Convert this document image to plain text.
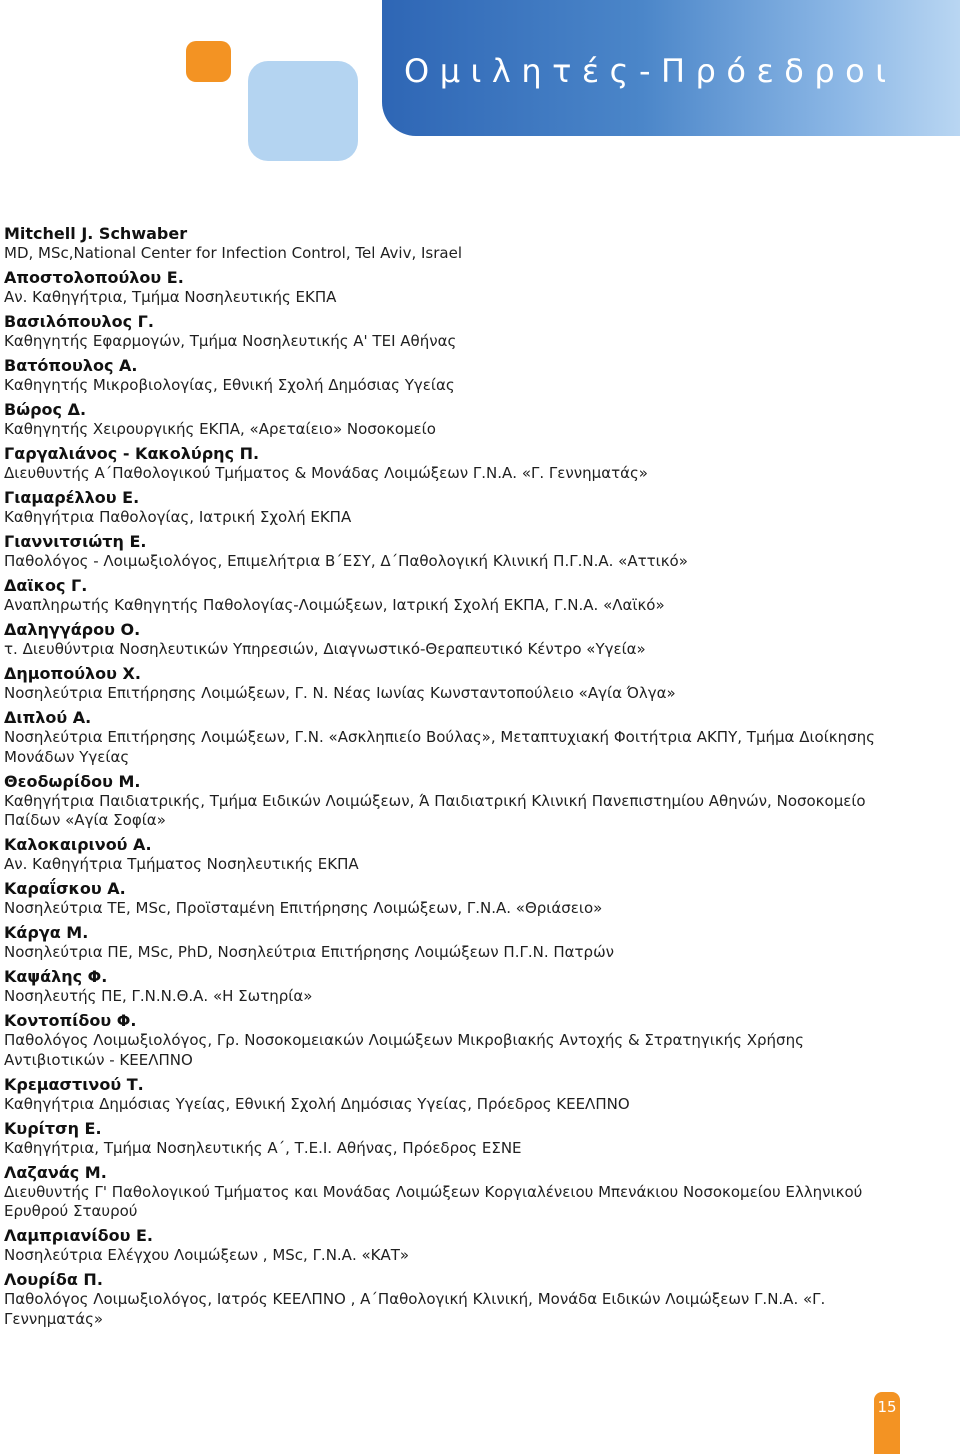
Ομιλητές-Πρόεδροι
Mitchell J. Schwaber
MD, MSc,National Center for Infection Control, Tel Aviv, Israel
Αποστολοπούλου Ε.
Αν. Καθηγήτρια, Τμήμα Νοσηλευτικής ΕΚΠΑ
Βασιλόπουλος Γ.
Καθηγητής Εφαρμογών, Τμήμα Νοσηλευτικής Α' ΤΕΙ Αθήνας
Βατόπουλος Α.
Καθηγητής Μικροβιολογίας, Εθνική Σχολή Δημόσιας Υγείας
Βώρος Δ.
Καθηγητής Χειρουργικής ΕΚΠΑ, «Αρεταίειο» Νοσοκομείο
Γαργαλιάνος - Κακολύρης Π.
Διευθυντής Α΄Παθολογικού Τμήματος & Μονάδας Λοιμώξεων Γ.Ν.Α. «Γ. Γεννηματάς»
Γιαμαρέλλου Ε.
Καθηγήτρια Παθολογίας, Ιατρική Σχολή ΕΚΠΑ
Γιαννιτσιώτη Ε.
Παθολόγος - Λοιμωξιολόγος, Επιμελήτρια Β΄ΕΣΥ, Δ΄Παθολογική Κλινική Π.Γ.Ν.Α. «Αττικό»
Δαϊκος Γ.
Αναπληρωτής Καθηγητής Παθολογίας-Λοιμώξεων, Ιατρική Σχολή ΕΚΠΑ, Γ.Ν.Α. «Λαϊκό»
Δαληγγάρου Ο.
τ. Διευθύντρια Νοσηλευτικών Υπηρεσιών, Διαγνωστικό-Θεραπευτικό Κέντρο «Υγεία»
Δημοπούλου Χ.
Νοσηλεύτρια Επιτήρησης Λοιμώξεων, Γ. Ν. Νέας Ιωνίας Κωνσταντοπούλειο «Αγία Όλγα»
Διπλού Α.
Νοσηλεύτρια Επιτήρησης Λοιμώξεων, Γ.Ν. «Ασκληπιείο Βούλας», Μεταπτυχιακή Φοιτήτρια ΑΚΠΥ, Τμήμα Διοίκησης Μονάδων Υγείας
Θεοδωρίδου Μ.
Καθηγήτρια Παιδιατρικής, Τμήμα Ειδικών Λοιμώξεων, Ά Παιδιατρική Κλινική Πανεπιστημίου Αθηνών, Νοσοκομείο Παίδων «Αγία Σοφία»
Καλοκαιρινού Α.
Αν. Καθηγήτρια Τμήματος Νοσηλευτικής ΕΚΠΑ
Καραΐσκου Α.
Νοσηλεύτρια ΤΕ, MSc, Προϊσταμένη Επιτήρησης Λοιμώξεων, Γ.Ν.Α. «Θριάσειο»
Κάργα Μ.
Νοσηλεύτρια ΠΕ, MSc, PhD, Νοσηλεύτρια Επιτήρησης Λοιμώξεων Π.Γ.Ν. Πατρών
Καψάλης Φ.
Νοσηλευτής ΠΕ, Γ.Ν.Ν.Θ.Α. «Η Σωτηρία»
Κοντοπίδου Φ.
Παθολόγος Λοιμωξιολόγος, Γρ. Νοσοκομειακών Λοιμώξεων Μικροβιακής Αντοχής & Στρατηγικής Χρήσης Αντιβιοτικών - ΚΕΕΛΠΝΟ
Κρεμαστινού Τ.
Καθηγήτρια Δημόσιας Υγείας, Εθνική Σχολή Δημόσιας Υγείας, Πρόεδρος ΚΕΕΛΠΝΟ
Κυρίτση Ε.
Καθηγήτρια, Τμήμα Νοσηλευτικής Α΄, Τ.Ε.Ι. Αθήνας, Πρόεδρος ΕΣΝΕ
Λαζανάς Μ.
Διευθυντής Γ' Παθολογικού Τμήματος και Μονάδας Λοιμώξεων Κοργιαλένειου Μπενάκιου Νοσοκομείου Ελληνικού Ερυθρού Σταυρού
Λαμπριανίδου Ε.
Νοσηλεύτρια Ελέγχου Λοιμώξεων , MSc, Γ.Ν.Α. «ΚΑΤ»
Λουρίδα Π.
Παθολόγος Λοιμωξιολόγος, Ιατρός ΚΕΕΛΠΝΟ , Α΄Παθολογική Κλινική, Μονάδα Ειδικών Λοιμώξεων Γ.Ν.Α. «Γ. Γεννηματάς»
15
